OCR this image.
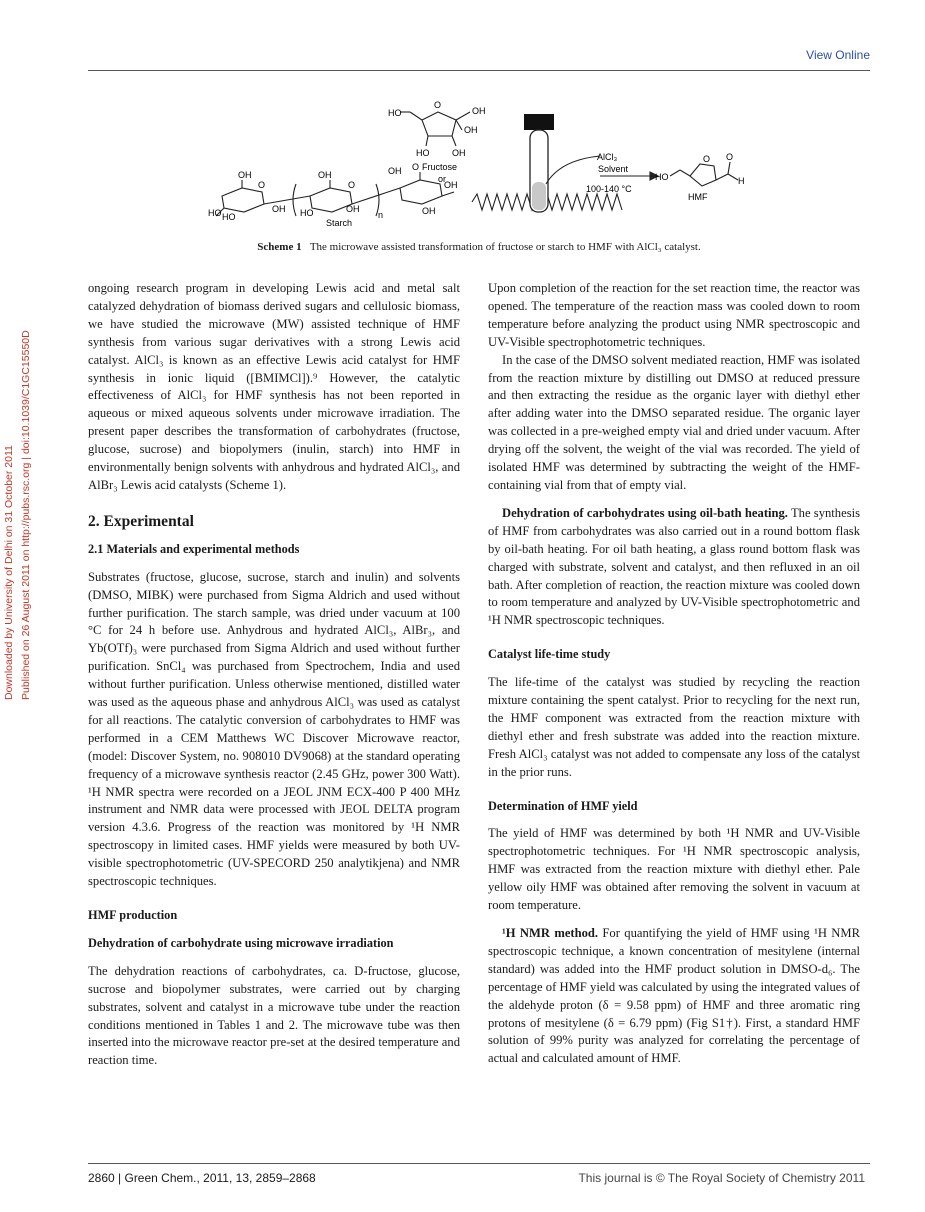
View Online
Downloaded by University of Delhi on 31 October 2011 Published on 26 August 2011 on http://pubs.rsc.org | doi:10.1039/C1GC15550D
HO
O
OH
OH
HO	OH
Fructose
or
OH
O
HO HO
OH HO
OH
O
OH
n
OH O
OH
OH
Starch
AlCl₃
Solvent
100-140 °C
HO
O O
H
HMF
Scheme 1 The microwave assisted transformation of fructose or starch to HMF with AlCl₃ catalyst.

ongoing research program in developing Lewis acid and metal salt catalyzed dehydration of biomass derived sugars and cellulosic biomass, we have studied the microwave (MW) assisted technique of HMF synthesis from various sugar derivatives with a strong Lewis acid catalyst. AlCl₃ is known as an effective Lewis acid catalyst for HMF synthesis in ionic liquid ([BMIMCl]).⁹ However, the catalytic effectiveness of AlCl₃ for HMF synthesis has not been reported in aqueous or mixed aqueous solvents under microwave irradiation. The present paper describes the transformation of carbohydrates (fructose, glucose, sucrose) and biopolymers (inulin, starch) into HMF in environmentally benign solvents with anhydrous and hydrated AlCl₃, and AlBr₃ Lewis acid catalysts (Scheme 1).

2. Experimental
2.1 Materials and experimental methods

Substrates (fructose, glucose, sucrose, starch and inulin) and solvents (DMSO, MIBK) were purchased from Sigma Aldrich and used without further purification. The starch sample, was dried under vacuum at 100 °C for 24 h before use. Anhydrous and hydrated AlCl₃, AlBr₃, and Yb(OTf)₃ were purchased from Sigma Aldrich and used without further purification. SnCl₄ was purchased from Spectrochem, India and used without further purification. Unless otherwise mentioned, distilled water was used as the aqueous phase and anhydrous AlCl₃ was used as catalyst for all reactions. The catalytic conversion of carbohydrates to HMF was performed in a CEM Matthews WC Discover Microwave reactor, (model: Discover System, no. 908010 DV9068) at the standard operating frequency of a microwave synthesis reactor (2.45 GHz, power 300 Watt). ¹H NMR spectra were recorded on a JEOL JNM ECX-400 P 400 MHz instrument and NMR data were processed with JEOL DELTA program version 4.3.6. Progress of the reaction was monitored by ¹H NMR spectroscopy in limited cases. HMF yields were measured by both UV-visible spectrophotometric (UV-SPECORD 250 analytikjena) and NMR spectroscopic techniques.

HMF production
Dehydration of carbohydrate using microwave irradiation

The dehydration reactions of carbohydrates, ca. D-fructose, glucose, sucrose and biopolymer substrates, were carried out by charging substrates, solvent and catalyst in a microwave tube under the reaction conditions mentioned in Tables 1 and 2. The microwave tube was then inserted into the microwave reactor pre-set at the desired temperature and reaction time.

Upon completion of the reaction for the set reaction time, the reactor was opened. The temperature of the reaction mass was cooled down to room temperature before analyzing the product using NMR spectroscopic and UV-Visible spectrophotometric techniques.

In the case of the DMSO solvent mediated reaction, HMF was isolated from the reaction mixture by distilling out DMSO at reduced pressure and then extracting the residue as the organic layer with diethyl ether after adding water into the DMSO separated residue. The organic layer was collected in a pre-weighed empty vial and dried under vacuum. After drying off the solvent, the weight of the vial was recorded. The yield of isolated HMF was determined by subtracting the weight of the HMF-containing vial from that of empty vial.

Dehydration of carbohydrates using oil-bath heating. The synthesis of HMF from carbohydrates was also carried out in a round bottom flask by oil-bath heating. For oil bath heating, a glass round bottom flask was charged with substrate, solvent and catalyst, and then refluxed in an oil bath. After completion of reaction, the reaction mixture was cooled down to room temperature and analyzed by UV-Visible spectrophotometric and ¹H NMR spectroscopic techniques.

Catalyst life-time study

The life-time of the catalyst was studied by recycling the reaction mixture containing the spent catalyst. Prior to recycling for the next run, the HMF component was extracted from the reaction mixture with diethyl ether and fresh substrate was added into the reaction mixture. Fresh AlCl₃ catalyst was not added to compensate any loss of the catalyst in the prior runs.

Determination of HMF yield

The yield of HMF was determined by both ¹H NMR and UV-Visible spectrophotometric techniques. For ¹H NMR spectroscopic analysis, HMF was extracted from the reaction mixture with diethyl ether. Pale yellow oily HMF was obtained after removing the solvent in vacuum at room temperature.

¹H NMR method. For quantifying the yield of HMF using ¹H NMR spectroscopic technique, a known concentration of mesitylene (internal standard) was added into the HMF product solution in DMSO-d₆. The percentage of HMF yield was calculated by using the integrated values of the aldehyde proton (δ = 9.58 ppm) of HMF and three aromatic ring protons of mesitylene (δ = 6.79 ppm) (Fig S1†). First, a standard HMF solution of 99% purity was analyzed for correlating the percentage of actual and calculated amount of HMF.

2860 | Green Chem., 2011, 13, 2859–2868	This journal is © The Royal Society of Chemistry 2011
